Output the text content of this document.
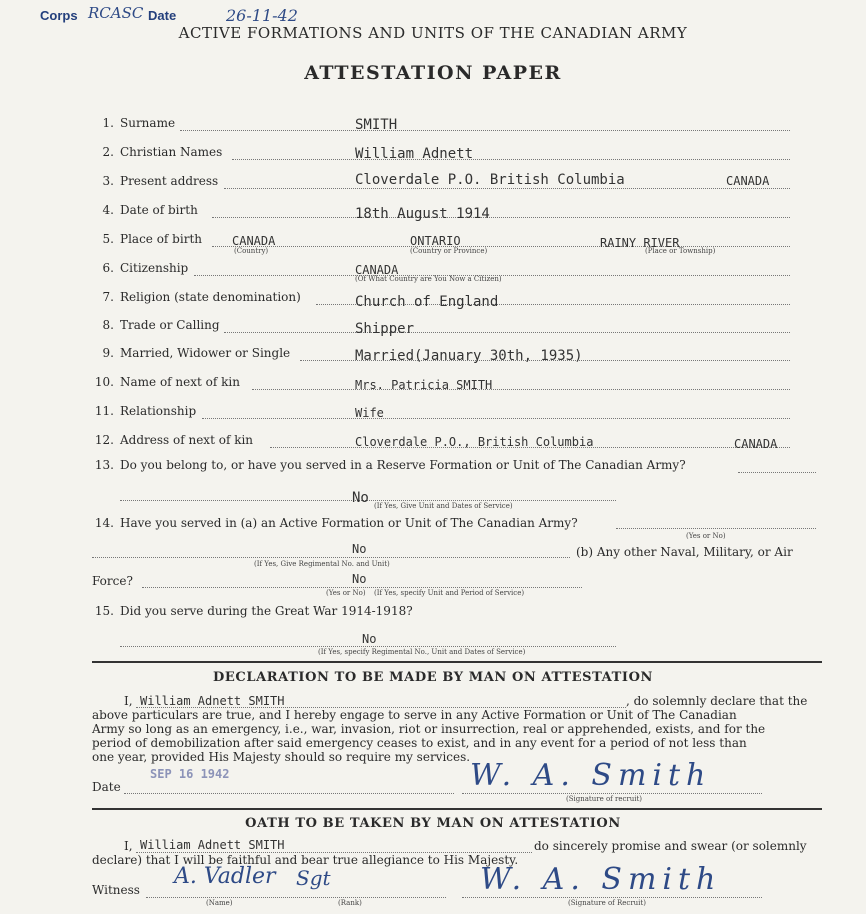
Corps RCASC Date	26-11-42
ACTIVE FORMATIONS AND UNITS OF THE CANADIAN ARMY
ATTESTATION PAPER
1. Surname	SMITH
2. Christian Names	William Adnett
3. Present address	Cloverdale P.O. British Columbia	CANADA
4. Date of birth	18th August 1914
5. Place of birth	CANADA	ONTARIO	RAINY RIVER
(Country)	(Country or Province)	(Place or Township)
6. Citizenship	CANADA
(Of What Country are You Now a Citizen)
7. Religion (state denomination)	Church of England
8. Trade or Calling	Shipper
9. Married, Widower or Single	Married(January 30th, 1935)
10. Name of next of kin	Mrs. Patricia SMITH
11. Relationship	Wife
12. Address of next of kin	Cloverdale P.O., British Columbia	CANADA
13. Do you belong to, or have you served in a Reserve Formation or Unit of The Canadian Army?
No (If Yes, Give Unit and Dates of Service)
14. Have you served in (a) an Active Formation or Unit of The Canadian Army?
(Yes or No)
No
(If Yes, Give Regimental No. and Unit)
(b) Any other Naval, Military, or Air
Force?	No
(Yes or No) (If Yes, specify Unit and Period of Service)
15. Did you serve during the Great War 1914-1918?
No
(If Yes, specify Regimental No., Unit and Dates of Service)
DECLARATION TO BE MADE BY MAN ON ATTESTATION
I, William Adnett SMITH	, do solemnly declare that the
above particulars are true, and I hereby engage to serve in any Active Formation or Unit of The Canadian
Army so long as an emergency, i.e., war, invasion, riot or insurrection, real or apprehended, exists, and for the
period of demobilization after said emergency ceases to exist, and in any event for a period of not less than
one year, provided His Majesty should so require my services.
SEP 16 1942
Date	W. A. Smith
(Signature of recruit)
OATH TO BE TAKEN BY MAN ON ATTESTATION
I, William Adnett SMITH	do sincerely promise and swear (or solemnly
declare) that I will be faithful and bear true allegiance to His Majesty.
Witness
A. Vadler Sgt
(Name)	(Rank)
W. A. Smith
(Signature of Recruit)
